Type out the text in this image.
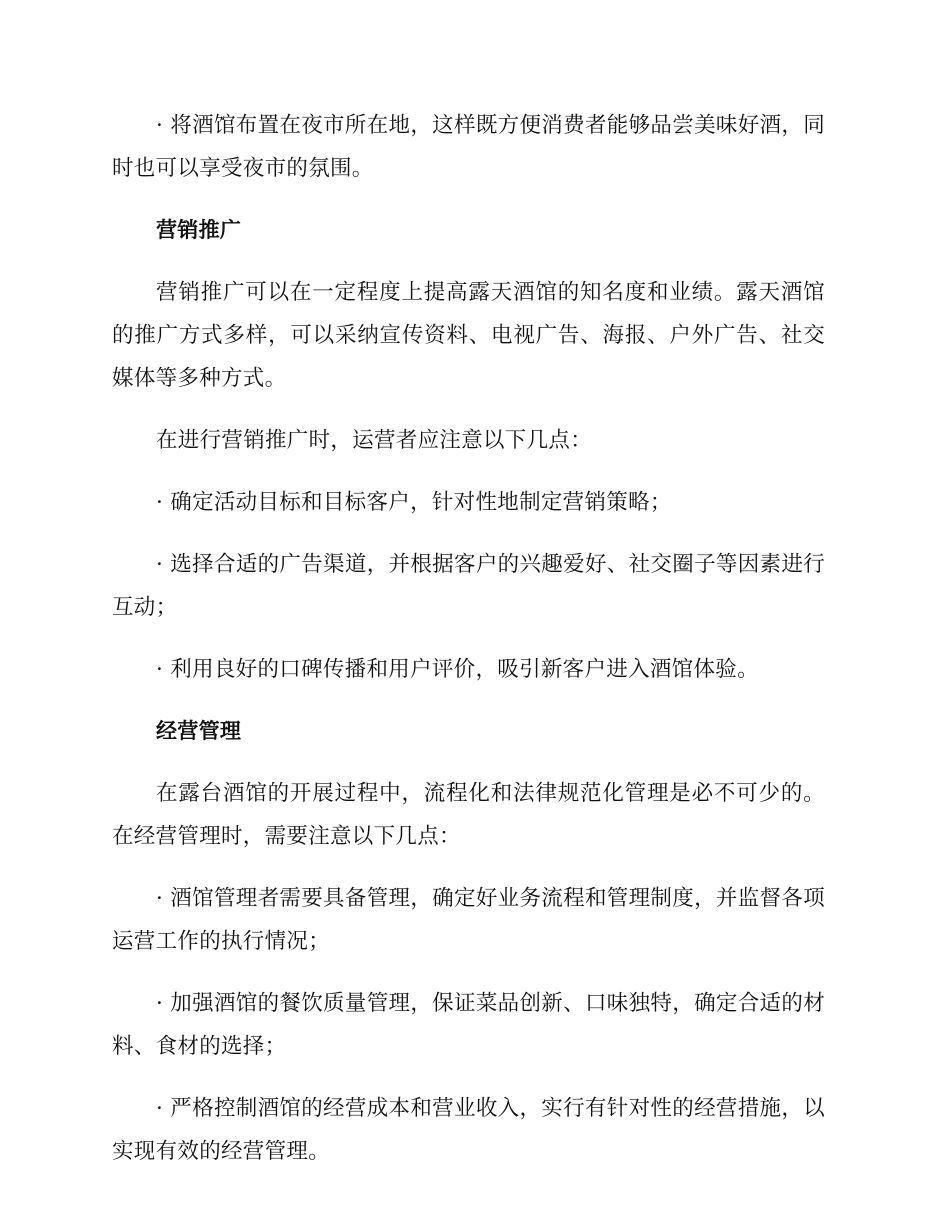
· 将酒馆布置在夜市所在地，这样既方便消费者能够品尝美味好酒，同时也可以享受夜市的氛围。

营销推广

营销推广可以在一定程度上提高露天酒馆的知名度和业绩。露天酒馆的推广方式多样，可以采纳宣传资料、电视广告、海报、户外广告、社交媒体等多种方式。

在进行营销推广时，运营者应注意以下几点：

· 确定活动目标和目标客户，针对性地制定营销策略；

· 选择合适的广告渠道，并根据客户的兴趣爱好、社交圈子等因素进行互动；

· 利用良好的口碑传播和用户评价，吸引新客户进入酒馆体验。

经营管理

在露台酒馆的开展过程中，流程化和法律规范化管理是必不可少的。在经营管理时，需要注意以下几点：

· 酒馆管理者需要具备管理，确定好业务流程和管理制度，并监督各项运营工作的执行情况；

· 加强酒馆的餐饮质量管理，保证菜品创新、口味独特，确定合适的材料、食材的选择；

· 严格控制酒馆的经营成本和营业收入，实行有针对性的经营措施，以实现有效的经营管理。
